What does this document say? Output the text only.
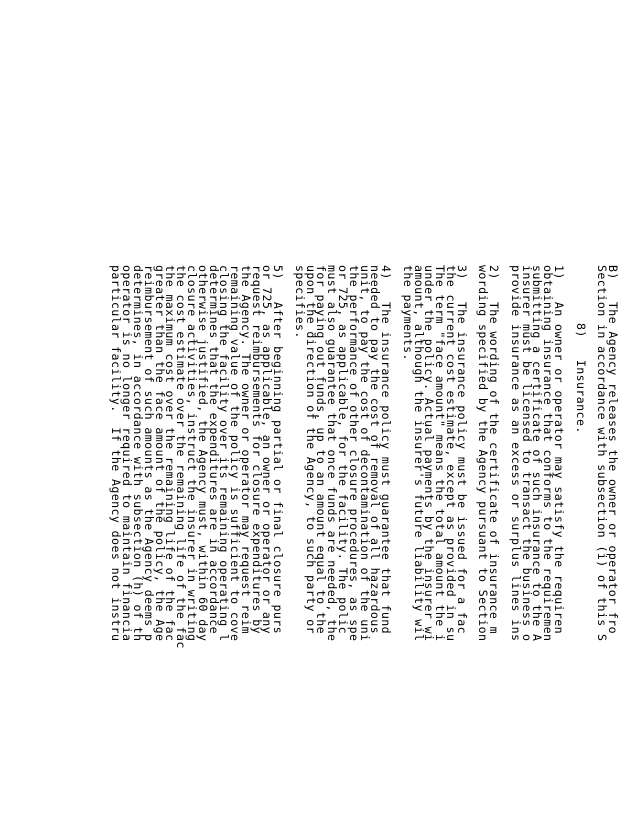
B)   The Agency releases the owner or operator fro
Section in accordance with subsection (i) of this S
8)   Insurance.
1)   An owner or operator may satisfy the requiren
obtaining insurance that conforms to the requiremen
submitting a certificate of such insurance to the A
insurer must be licensed to transact the business o
provide insurance as an excess or surplus lines ins
2)   The wording of the certificate of insurance m
wording specified by the Agency pursuant to Section
3)   The insurance policy must be issued for a fac
the current cost estimate, except as provided in su
The term "face amount" means the total amount the i
under the policy. Actual payments by the insurer wi
amount, although the insurer's future liability wil
the payments.
4)   The insurance policy must guarantee that fund
needed to pay the cost of removal of all hazardous
unit, to pay the cost of decontamination of the uni
the performance of other closure procedures, as spe
or 725, as applicable, for the facility. The polic
must also guarantee that once funds are needed, the
for paying out funds, up to an amount equal to the
upon the direction of the Agency, to such party or
specifies.
5)   After beginning partial or final closure purs
or 725, as applicable, an owner or operator or any
request reimbursements for closure expenditures by
the Agency. The owner or operator may request reim
remaining value of the policy is sufficient to cove
closing the facility over its remaining operating l
determines that the expenditures are in accordance
otherwise justified, the Agency must, within 60 day
closure activities, instruct the insurer in writing
the cost estimate over the remaining life of the fac
the maximum cost over the remaining life of the fac
greater than the face amount of the policy, the Age
reimbursement of such amounts as the Agency deems p
determines, in accordance with subsection (h) of th
operator is no longer required to maintain financia
particular facility.  If the Agency does not instru
